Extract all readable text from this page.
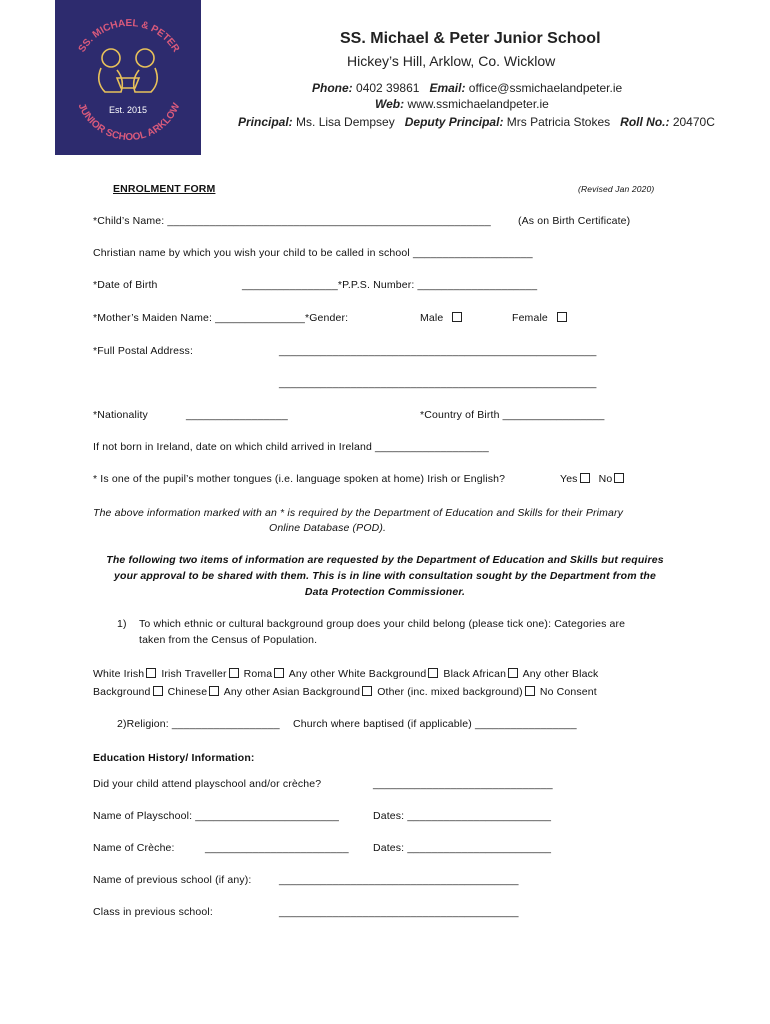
SS. MICHAEL & PETER
JUNIOR SCHOOL ARKLOW
Est. 2015
SS. Michael & Peter Junior School
Hickey’s Hill, Arklow, Co. Wicklow
Phone: 0402 39861 Email: office@ssmichaelandpeter.ie
Web: www.ssmichaelandpeter.ie
Principal: Ms. Lisa Dempsey Deputy Principal: Mrs Patricia Stokes Roll No.: 20470C
ENROLMENT FORM	(Revised Jan 2020)
*Child’s Name: ______________________________________________________	(As on Birth Certificate)
Christian name by which you wish your child to be called in school ____________________
*Date of Birth	________________*P.P.S. Number: ____________________
*Mother’s Maiden Name: _______________*Gender:	Male	Female
*Full Postal Address:	_____________________________________________________
_____________________________________________________
*Nationality	_________________	*Country of Birth _________________
If not born in Ireland, date on which child arrived in Ireland ___________________
* Is one of the pupil’s mother tongues (i.e. language spoken at home) Irish or English?	Yes No
The above information marked with an * is required by the Department of Education and Skills for their Primary
Online Database (POD).
The following two items of information are requested by the Department of Education and Skills but requires
your approval to be shared with them. This is in line with consultation sought by the Department from the
Data Protection Commissioner.
1) To which ethnic or cultural background group does your child belong (please tick one): Categories are
taken from the Census of Population.
White Irish Irish Traveller Roma Any other White Background Black African Any other Black
Background Chinese Any other Asian Background Other (inc. mixed background) No Consent
2)Religion: __________________ Church where baptised (if applicable) _________________
Education History/ Information:
Did your child attend playschool and/or crèche?	______________________________
Name of Playschool: ________________________	Dates: ________________________
Name of Crèche:	________________________ Dates: ________________________
Name of previous school (if any):	________________________________________
Class in previous school:	________________________________________
